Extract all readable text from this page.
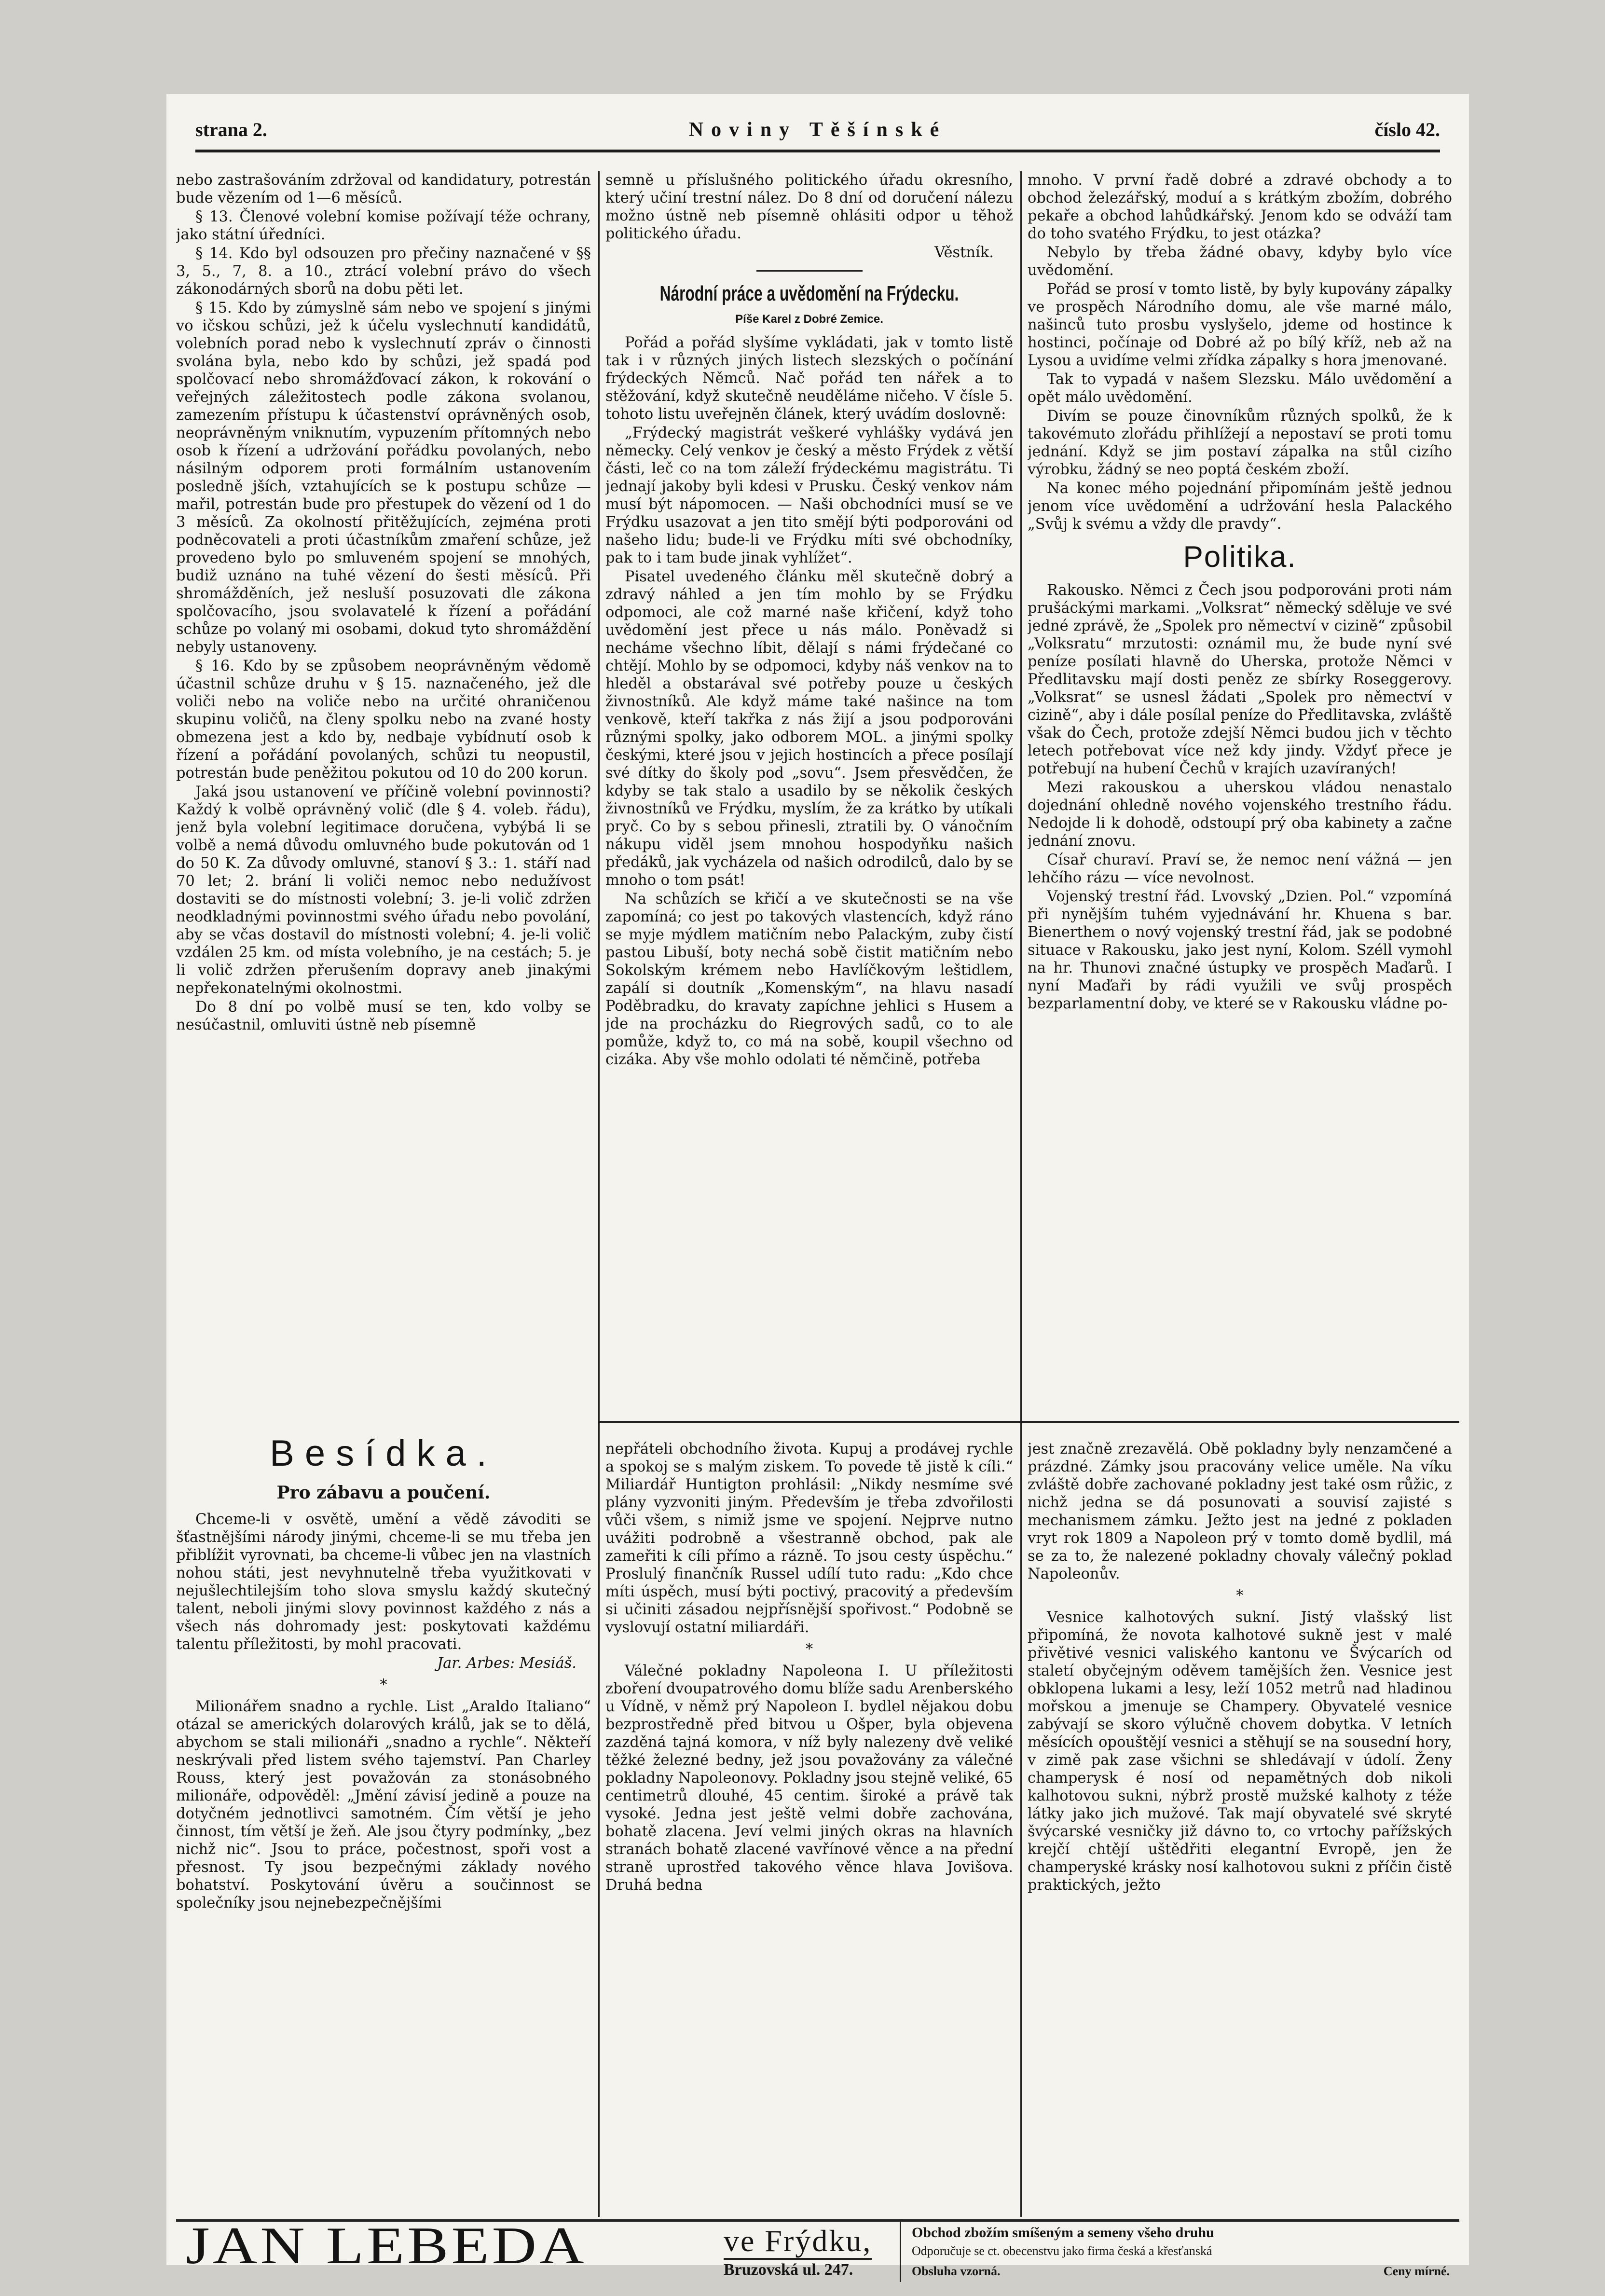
strana 2.	Noviny Těšínské	číslo 42.

nebo zastrašováním zdržoval od kandidatury, potrestán bude vězením od 1—6 měsíců.

§ 13. Členové volební komise požívají téže ochrany, jako státní úředníci.

§ 14. Kdo byl odsouzen pro přečiny naznačené v §§ 3, 5., 7, 8. a 10., ztrácí volební právo do všech zákonodárných sborů na dobu pěti let.

§ 15. Kdo by zúmyslně sám nebo ve spojení s jinými vo ičskou schůzi, jež k účelu vyslechnutí kandidátů, volebních porad nebo k vyslechnutí zpráv o činnosti svolána byla, nebo kdo by schůzi, jež spadá pod spolčovací nebo shromážďovací zákon, k rokování o veřejných záležitostech podle zákona svolanou, zamezením přístupu k účastenství oprávněných osob, neoprávněným vniknutím, vypuzením přítomných nebo osob k řízení a udržování pořádku povolaných, nebo násilným odporem proti formálním ustanovením posledně jších, vztahujících se k postupu schůze — mařil, potrestán bude pro přestupek do vězení od 1 do 3 měsíců. Za okolností přitěžujících, zejména proti podněcovateli a proti účastníkům zmaření schůze, jež provedeno bylo po smluveném spojení se mnohých, budiž uznáno na tuhé vězení do šesti měsíců. Při shromážděních, jež nesluší posuzovati dle zákona spolčovacího, jsou svolavatelé k řízení a pořádání schůze po volaný mi osobami, dokud tyto shromáždění nebyly ustanoveny.

§ 16. Kdo by se způsobem neoprávněným vědomě účastnil schůze druhu v § 15. naznačeného, jež dle voliči nebo na voliče nebo na určité ohraničenou skupinu voličů, na členy spolku nebo na zvané hosty obmezena jest a kdo by, nedbaje vybídnutí osob k řízení a pořádání povolaných, schůzi tu neopustil, potrestán bude peněžitou pokutou od 10 do 200 korun.

Jaká jsou ustanovení ve příčině volební povinnosti? Každý k volbě oprávněný volič (dle § 4. voleb. řádu), jenž byla volební legitimace doručena, vybýbá li se volbě a nemá důvodu omluvného bude pokutován od 1 do 50 K. Za důvody omluvné, stanoví § 3.: 1. stáří nad 70 let; 2. brání li voliči nemoc nebo nedužívost dostaviti se do místnosti volební; 3. je-li volič zdržen neodkladnými povinnostmi svého úřadu nebo povolání, aby se včas dostavil do místnosti volební; 4. je-li volič vzdálen 25 km. od místa volebního, je na cestách; 5. je li volič zdržen přerušením dopravy aneb jinakými nepřekonatelnými okolnostmi.

Do 8 dní po volbě musí se ten, kdo volby se nesúčastnil, omluviti ústně neb písemně

semně u příslušného politického úřadu okresního, který učiní trestní nález. Do 8 dní od doručení nálezu možno ústně neb písemně ohlásiti odpor u těhož politického úřadu.

Věstník.

Národní práce a uvědomění na Frýdecku.

Píše Karel z Dobré Zemice.

Pořád a pořád slyšíme vykládati, jak v tomto listě tak i v různých jiných listech slezských o počínání frýdeckých Němců. Nač pořád ten nářek a to stěžování, když skutečně neuděláme ničeho. V čísle 5. tohoto listu uveřejněn článek, který uvádím doslovně:

„Frýdecký magistrát veškeré vyhlášky vydává jen německy. Celý venkov je český a město Frýdek z větší části, leč co na tom záleží frýdeckému magistrátu. Ti jednají jakoby byli kdesi v Prusku. Český venkov nám musí být nápomocen. — Naši obchodníci musí se ve Frýdku usazovat a jen tito smějí býti podporováni od našeho lidu; bude-li ve Frýdku míti své obchodníky, pak to i tam bude jinak vyhlížet“.

Pisatel uvedeného článku měl skutečně dobrý a zdravý náhled a jen tím mohlo by se Frýdku odpomoci, ale což marné naše křičení, když toho uvědomění jest přece u nás málo. Poněvadž si necháme všechno líbit, dělají s námi frýdečané co chtějí. Mohlo by se odpomoci, kdyby náš venkov na to hleděl a obstarával své potřeby pouze u českých živnostníků. Ale když máme také našince na tom venkově, kteří takřka z nás žijí a jsou podporováni různými spolky, jako odborem MOL. a jinými spolky českými, které jsou v jejich hostincích a přece posílají své dítky do školy pod „sovu“. Jsem přesvědčen, že kdyby se tak stalo a usadilo by se několik českých živnostníků ve Frýdku, myslím, že za krátko by utíkali pryč. Co by s sebou přinesli, ztratili by. O vánočním nákupu viděl jsem mnohou hospodyňku našich předáků, jak vycházela od našich odrodilců, dalo by se mnoho o tom psát!

Na schůzích se křičí a ve skutečnosti se na vše zapomíná; co jest po takových vlastencích, když ráno se myje mýdlem matičním nebo Palackým, zuby čistí pastou Libuší, boty nechá sobě čistit matičním nebo Sokolským krémem nebo Havlíčkovým leštidlem, zapálí si doutník „Komenským“, na hlavu nasadí Poděbradku, do kravaty zapíchne jehlici s Husem a jde na procházku do Riegrových sadů, co to ale pomůže, když to, co má na sobě, koupil všechno od cizáka. Aby vše mohlo odolati té němčině, potřeba

mnoho. V první řadě dobré a zdravé obchody a to obchod železářský, moduí a s krátkým zbožím, dobrého pekaře a obchod lahůdkářský. Jenom kdo se odváží tam do toho svatého Frýdku, to jest otázka?

Nebylo by třeba žádné obavy, kdyby bylo více uvědomění.

Pořád se prosí v tomto listě, by byly kupovány zápalky ve prospěch Národního domu, ale vše marné málo, našinců tuto prosbu vyslyšelo, jdeme od hostince k hostinci, počínaje od Dobré až po bílý kříž, neb až na Lysou a uvidíme velmi zřídka zápalky s hora jmenované.

Tak to vypadá v našem Slezsku. Málo uvědomění a opět málo uvědomění.

Divím se pouze činovníkům různých spolků, že k takovémuto zlořádu přihlížejí a nepostaví se proti tomu jednání. Když se jim postaví zápalka na stůl cizího výrobku, žádný se neo poptá českém zboží.

Na konec mého pojednání připomínám ještě jednou jenom více uvědomění a udržování hesla Palackého „Svůj k svému a vždy dle pravdy“.

Politika.

Rakousko. Němci z Čech jsou podporováni proti nám prušáckými markami. „Volksrat“ německý sděluje ve své jedné zprávě, že „Spolek pro němectví v cizině“ způsobil „Volksratu“ mrzutosti: oznámil mu, že bude nyní své peníze posílati hlavně do Uherska, protože Němci v Předlitavsku mají dosti peněz ze sbírky Roseggerovy. „Volksrat“ se usnesl žádati „Spolek pro němectví v cizině“, aby i dále posílal peníze do Předlitavska, zvláště však do Čech, protože zdejší Němci budou jich v těchto letech potřebovat více než kdy jindy. Vždyť přece je potřebují na hubení Čechů v krajích uzavíraných!

Mezi rakouskou a uherskou vládou nenastalo dojednání ohledně nového vojenského trestního řádu. Nedojde li k dohodě, odstoupí prý oba kabinety a začne jednání znovu.

Císař churaví. Praví se, že nemoc není vážná — jen lehčího rázu — více nevolnost.

Vojenský trestní řád. Lvovský „Dzien. Pol.“ vzpomíná při nynějším tuhém vyjednávání hr. Khuena s bar. Bienerthem o nový vojenský trestní řád, jak se podobné situace v Rakousku, jako jest nyní, Kolom. Széll vymohl na hr. Thunovi značné ústupky ve prospěch Maďarů. I nyní Maďaři by rádi využili ve svůj prospěch bezparlamentní doby, ve které se v Rakousku vládne po-

Besídka.
Pro zábavu a poučení.

Chceme-li v osvětě, umění a vědě závoditi se šťastnějšími národy jinými, chceme-li se mu třeba jen přiblížit vyrovnati, ba chceme-li vůbec jen na vlastních nohou státi, jest nevyhnutelně třeba využitkovati v nejušlechtilejším toho slova smyslu každý skutečný talent, neboli jinými slovy povinnost každého z nás a všech nás dohromady jest: poskytovati každému talentu příležitosti, by mohl pracovati.

Jar. Arbes: Mesiáš.

*

Milionářem snadno a rychle. List „Araldo Italiano“ otázal se amerických dolarových králů, jak se to dělá, abychom se stali milionáři „snadno a rychle“. Někteří neskrývali před listem svého tajemství. Pan Charley Rouss, který jest považován za stonásobného milionáře, odpověděl: „Jmění závisí jedině a pouze na dotyčném jednotlivci samotném. Čím větší je jeho činnost, tím větší je žeň. Ale jsou čtyry podmínky, „bez nichž nic“. Jsou to práce, počestnost, spoři vost a přesnost. Ty jsou bezpečnými základy nového bohatství. Poskytování úvěru a součinnost se společníky jsou nejnebezpečnějšími

nepřáteli obchodního života. Kupuj a prodávej rychle a spokoj se s malým ziskem. To povede tě jistě k cíli.“ Miliardář Huntigton prohlásil: „Nikdy nesmíme své plány vyzvoniti jiným. Především je třeba zdvořilosti vůči všem, s nimiž jsme ve spojení. Nejprve nutno uvážiti podrobně a všestranně obchod, pak ale zameřiti k cíli přímo a rázně. To jsou cesty úspěchu.“ Proslulý finančník Russel udílí tuto radu: „Kdo chce míti úspěch, musí býti poctivý, pracovitý a především si učiniti zásadou nejpřísnější spořivost.“ Podobně se vyslovují ostatní miliardáři.

*

Válečné pokladny Napoleona I. U příležitosti zboření dvoupatrového domu blíže sadu Arenberského u Vídně, v němž prý Napoleon I. bydlel nějakou dobu bezprostředně před bitvou u Ošper, byla objevena zazděná tajná komora, v níž byly nalezeny dvě veliké těžké železné bedny, jež jsou považovány za válečné pokladny Napoleonovy. Pokladny jsou stejně veliké, 65 centimetrů dlouhé, 45 centim. široké a právě tak vysoké. Jedna jest ještě velmi dobře zachována, bohatě zlacena. Jeví velmi jiných okras na hlavních stranách bohatě zlacené vavřínové věnce a na přední straně uprostřed takového věnce hlava Jovišova. Druhá bedna

jest značně zrezavělá. Obě pokladny byly nenzamčené a prázdné. Zámky jsou pracovány velice uměle. Na víku zvláště dobře zachované pokladny jest také osm růžic, z nichž jedna se dá posunovati a souvisí zajisté s mechanismem zámku. Ježto jest na jedné z pokladen vryt rok 1809 a Napoleon prý v tomto domě bydlil, má se za to, že nalezené pokladny chovaly válečný poklad Napoleonův.

*

Vesnice kalhotových sukní. Jistý vlašský list připomíná, že novota kalhotové sukně jest v malé přivětivé vesnici valiského kantonu ve Švýcarích od staletí obyčejným oděvem tamějších žen. Vesnice jest obklopena lukami a lesy, leží 1052 metrů nad hladinou mořskou a jmenuje se Champery. Obyvatelé vesnice zabývají se skoro výlučně chovem dobytka. V letních měsících opouštějí vesnici a stěhují se na sousední hory, v zimě pak zase všichni se shledávají v údolí. Ženy champerysk é nosí od nepamětných dob nikoli kalhotovou sukni, nýbrž prostě mužské kalhoty z téže látky jako jich mužové. Tak mají obyvatelé své skryté švýcarské vesničky již dávno to, co vrtochy pařížských krejčí chtějí uštědřiti elegantní Evropě, jen že champeryské krásky nosí kalhotovou sukni z příčin čistě praktických, ježto

JAN LEBEDA	ve Frýdku,
Bruzovská ul. 247.
Obchod zbožím smíšeným a semeny všeho druhu
Odporučuje se ct. obecenstvu jako firma česká a křesťanská
Obsluha vzorná.	Ceny mírné.
